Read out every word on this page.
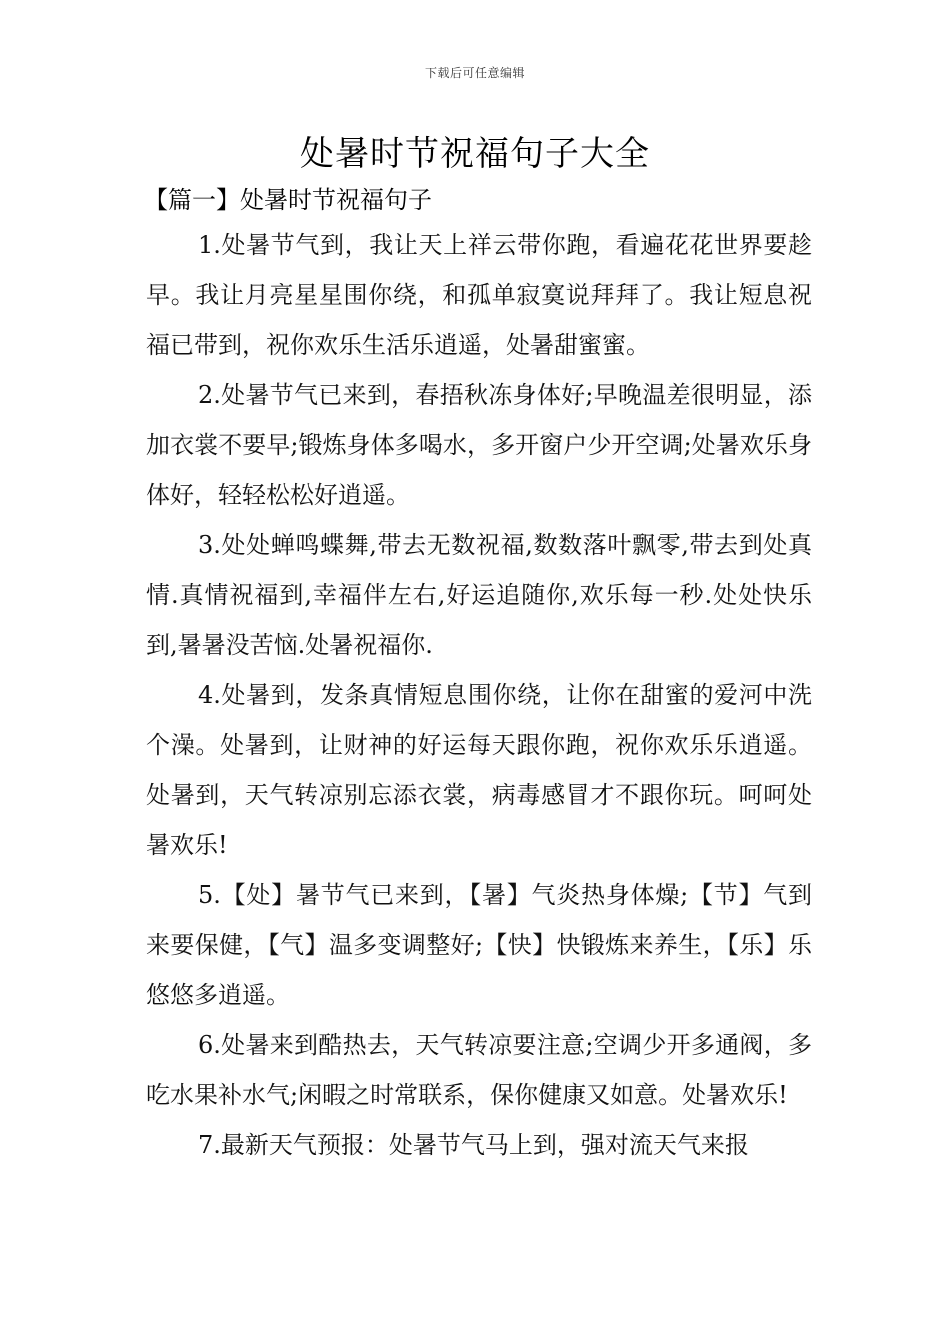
下载后可任意编辑
处暑时节祝福句子大全
【篇一】处暑时节祝福句子

1.处暑节气到，我让天上祥云带你跑，看遍花花世界要趁早。我让月亮星星围你绕，和孤单寂寞说拜拜了。我让短息祝福已带到，祝你欢乐生活乐逍遥，处暑甜蜜蜜。

2.处暑节气已来到，春捂秋冻身体好;早晚温差很明显，添加衣裳不要早;锻炼身体多喝水，多开窗户少开空调;处暑欢乐身体好，轻轻松松好逍遥。

3.处处蝉鸣蝶舞,带去无数祝福,数数落叶飘零,带去到处真情.真情祝福到,幸福伴左右,好运追随你,欢乐每一秒.处处快乐到,暑暑没苦恼.处暑祝福你.

4.处暑到，发条真情短息围你绕，让你在甜蜜的爱河中洗个澡。处暑到，让财神的好运每天跟你跑，祝你欢乐乐逍遥。处暑到，天气转凉别忘添衣裳，病毒感冒才不跟你玩。呵呵处暑欢乐!

5.【处】暑节气已来到，【暑】气炎热身体燥;【节】气到来要保健，【气】温多变调整好;【快】快锻炼来养生，【乐】乐悠悠多逍遥。

6.处暑来到酷热去，天气转凉要注意;空调少开多通阀，多吃水果补水气;闲暇之时常联系，保你健康又如意。处暑欢乐!

7.最新天气预报：处暑节气马上到，强对流天气来报
